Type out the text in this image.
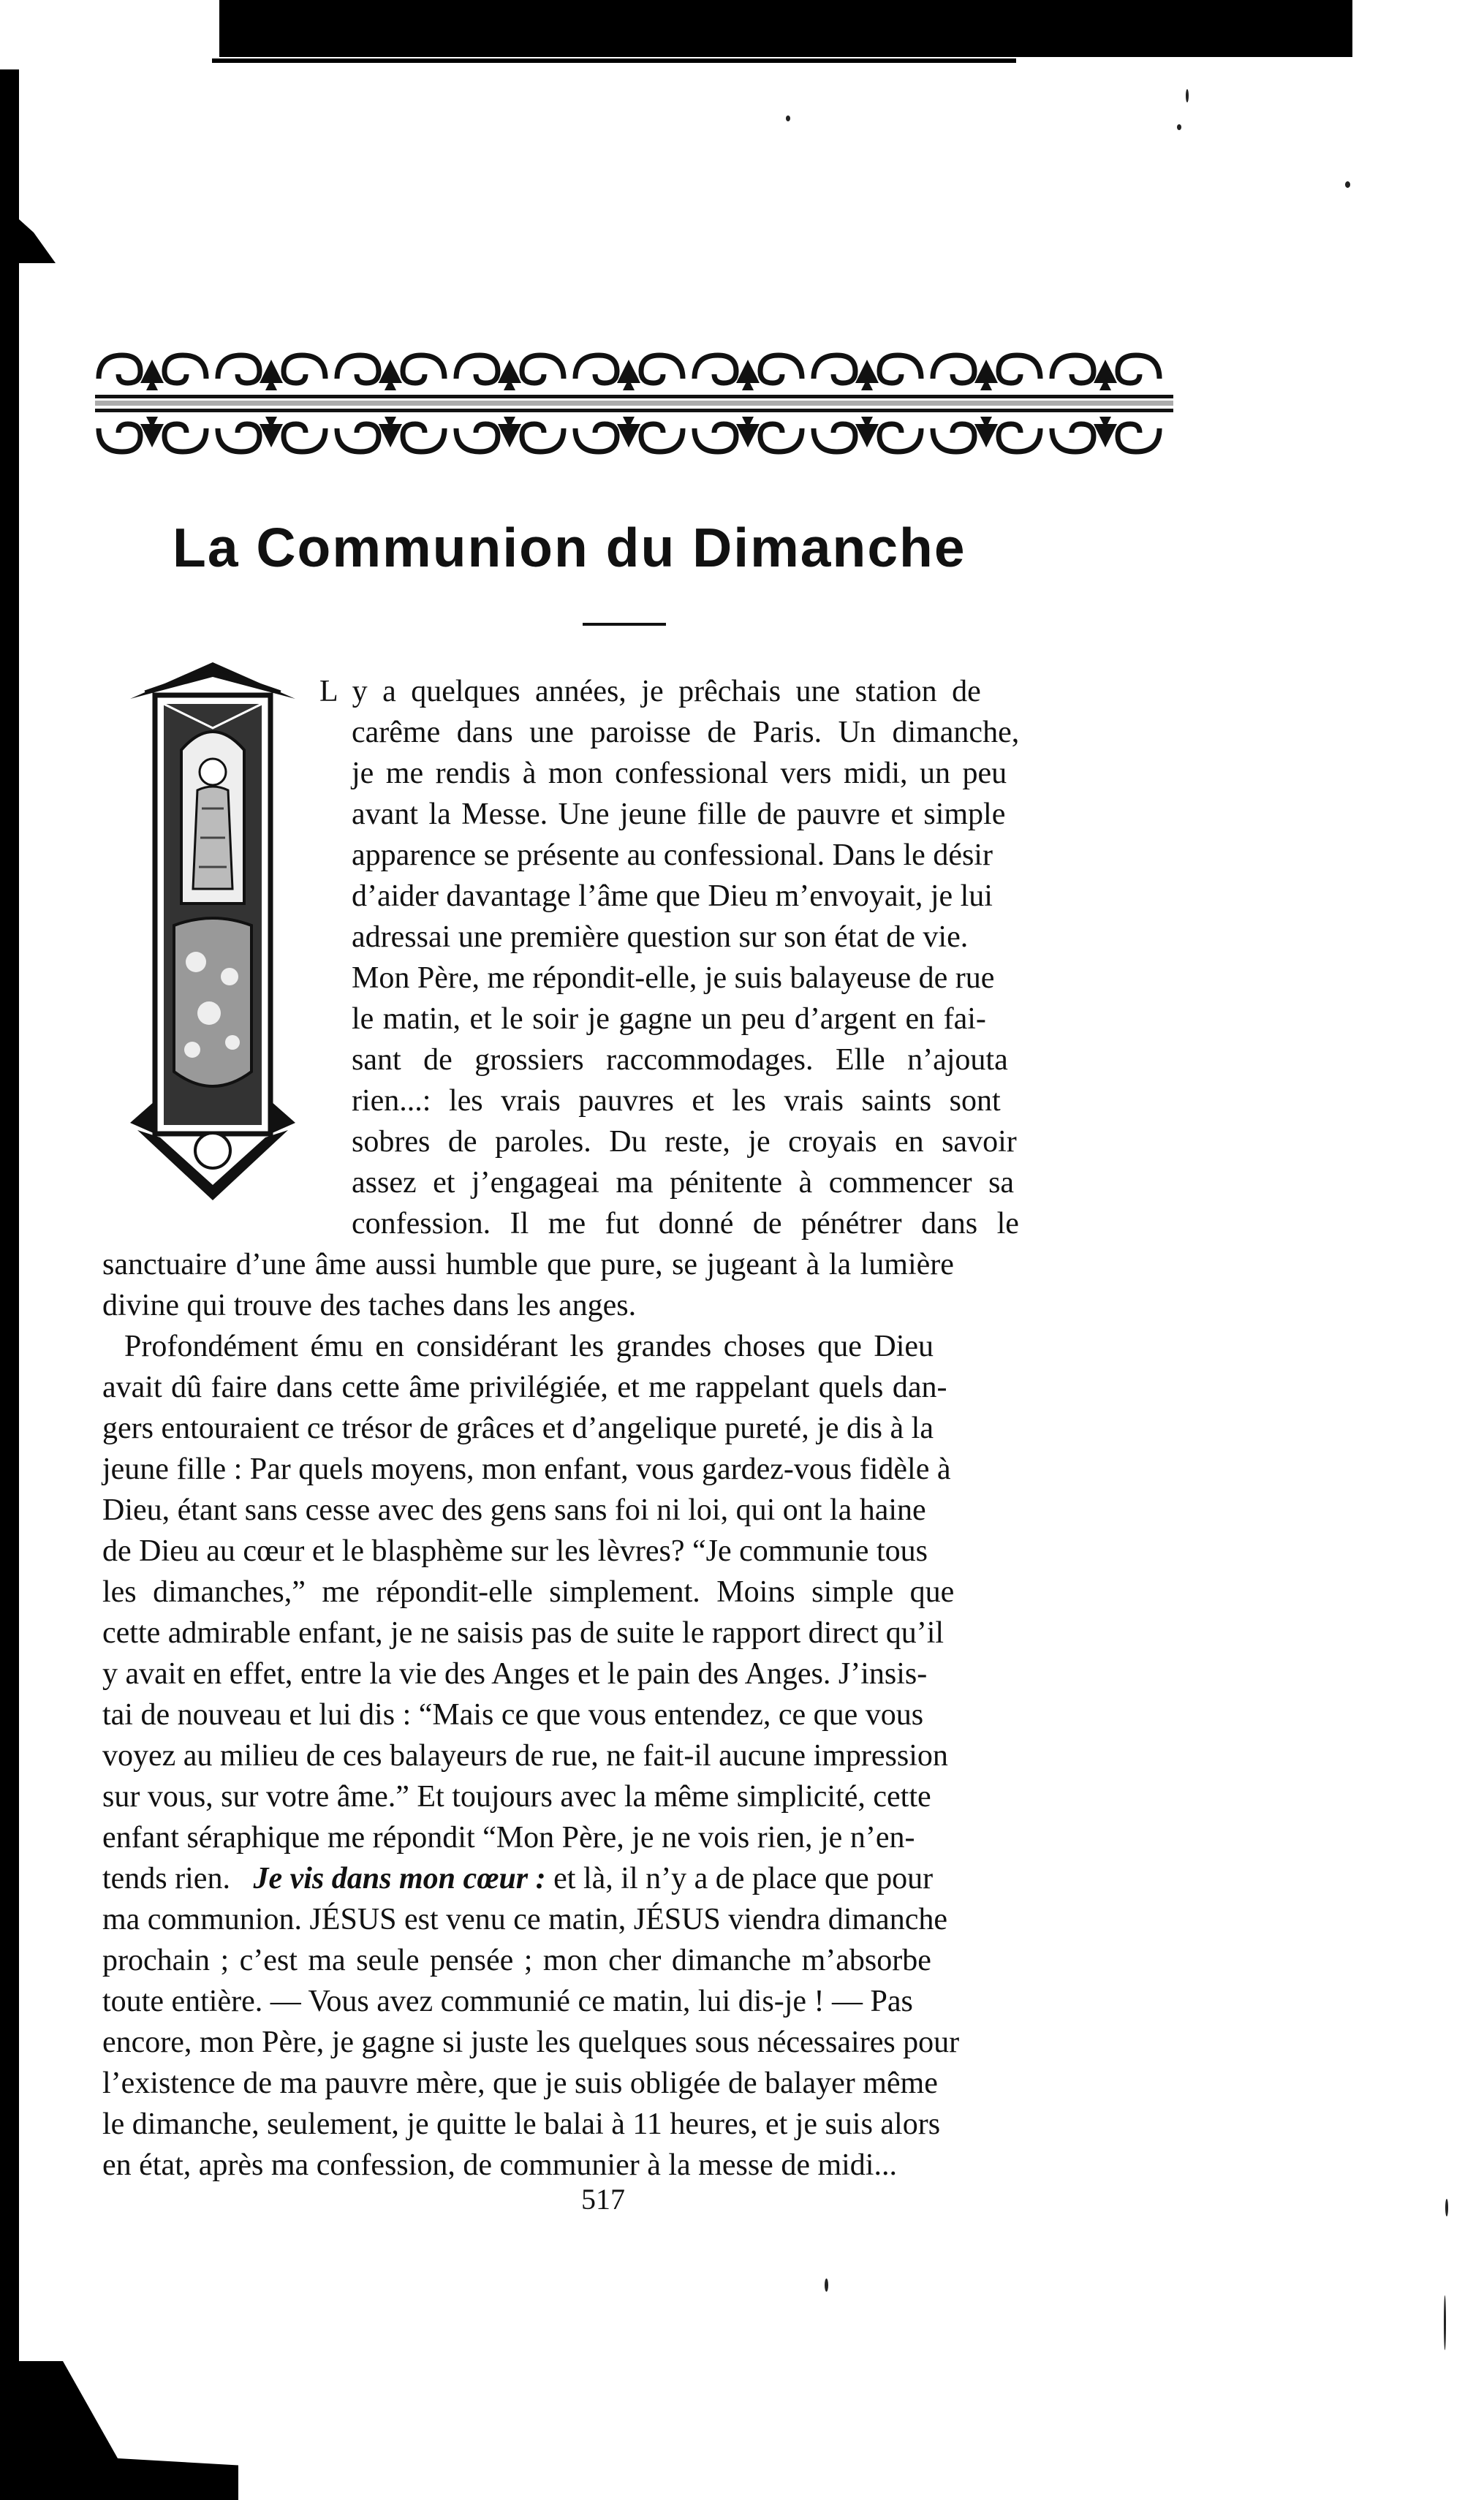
La Communion du Dimanche
L y a quelques années, je prêchais une station de
carême dans une paroisse de Paris. Un dimanche,
je me rendis à mon confessional vers midi, un peu
avant la Messe. Une jeune fille de pauvre et simple
apparence se présente au confessional. Dans le désir
d’aider davantage l’âme que Dieu m’envoyait, je lui
adressai une première question sur son état de vie.
Mon Père, me répondit-elle, je suis balayeuse de rue
le matin, et le soir je gagne un peu d’argent en fai-
sant de grossiers raccommodages. Elle n’ajouta
rien...: les vrais pauvres et les vrais saints sont
sobres de paroles. Du reste, je croyais en savoir
assez et j’engageai ma pénitente à commencer sa
confession. Il me fut donné de pénétrer dans le
sanctuaire d’une âme aussi humble que pure, se jugeant à la lumière
divine qui trouve des taches dans les anges.
Profondément ému en considérant les grandes choses que Dieu
avait dû faire dans cette âme privilégiée, et me rappelant quels dan-
gers entouraient ce trésor de grâces et d’angelique pureté, je dis à la
jeune fille : Par quels moyens, mon enfant, vous gardez-vous fidèle à
Dieu, étant sans cesse avec des gens sans foi ni loi, qui ont la haine
de Dieu au cœur et le blasphème sur les lèvres? “Je communie tous
les dimanches,” me répondit-elle simplement. Moins simple que
cette admirable enfant, je ne saisis pas de suite le rapport direct qu’il
y avait en effet, entre la vie des Anges et le pain des Anges. J’insis-
tai de nouveau et lui dis : “Mais ce que vous entendez, ce que vous
voyez au milieu de ces balayeurs de rue, ne fait-il aucune impression
sur vous, sur votre âme.” Et toujours avec la même simplicité, cette
enfant séraphique me répondit “Mon Père, je ne vois rien, je n’en-
tends rien. Je vis dans mon cœur : et là, il n’y a de place que pour
ma communion. JÉSUS est venu ce matin, JÉSUS viendra dimanche
prochain ; c’est ma seule pensée ; mon cher dimanche m’absorbe
toute entière. — Vous avez communié ce matin, lui dis-je ! — Pas
encore, mon Père, je gagne si juste les quelques sous nécessaires pour
l’existence de ma pauvre mère, que je suis obligée de balayer même
le dimanche, seulement, je quitte le balai à 11 heures, et je suis alors
en état, après ma confession, de communier à la messe de midi...
517
